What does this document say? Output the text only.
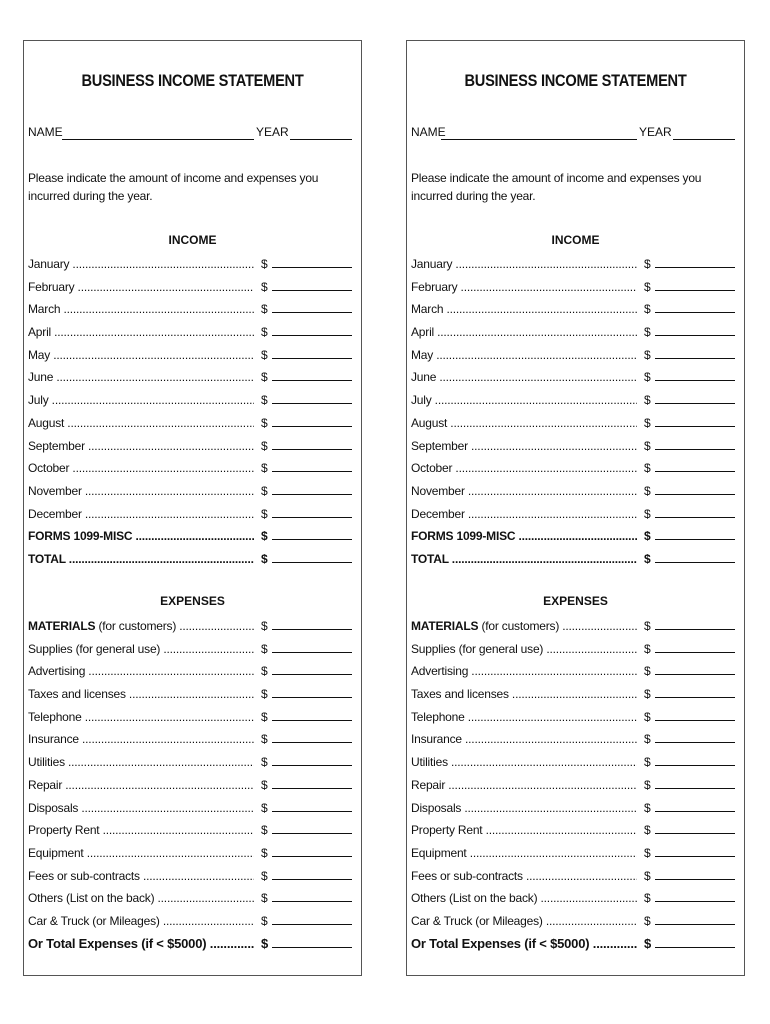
BUSINESS INCOME STATEMENT
NAME	YEAR
Please indicate the amount of income and expenses you incurred during the year.
INCOME
January .....	$
February .....	$
March .....	$
April .....	$
May .....	$
June .....	$
July .....	$
August .....	$
September .....	$
October .....	$
November .....	$
December .....	$
FORMS 1099-MISC .....	$
TOTAL .....	$
EXPENSES
MATERIALS (for customers) .....	$
Supplies (for general use) .....	$
Advertising .....	$
Taxes and licenses .....	$
Telephone .....	$
Insurance .....	$
Utilities .....	$
Repair .....	$
Disposals .....	$
Property Rent .....	$
Equipment .....	$
Fees or sub-contracts .....	$
Others (List on the back) .....	$
Car & Truck (or Mileages) .....	$
Or Total Expenses (if < $5000) .....	$
BUSINESS INCOME STATEMENT
NAME	YEAR
Please indicate the amount of income and expenses you incurred during the year.
INCOME
January .....	$
February .....	$
March .....	$
April .....	$
May .....	$
June .....	$
July .....	$
August .....	$
September .....	$
October .....	$
November .....	$
December .....	$
FORMS 1099-MISC .....	$
TOTAL .....	$
EXPENSES
MATERIALS (for customers) .....	$
Supplies (for general use) .....	$
Advertising .....	$
Taxes and licenses .....	$
Telephone .....	$
Insurance .....	$
Utilities .....	$
Repair .....	$
Disposals .....	$
Property Rent .....	$
Equipment .....	$
Fees or sub-contracts .....	$
Others (List on the back) .....	$
Car & Truck (or Mileages) .....	$
Or Total Expenses (if < $5000) .....	$
